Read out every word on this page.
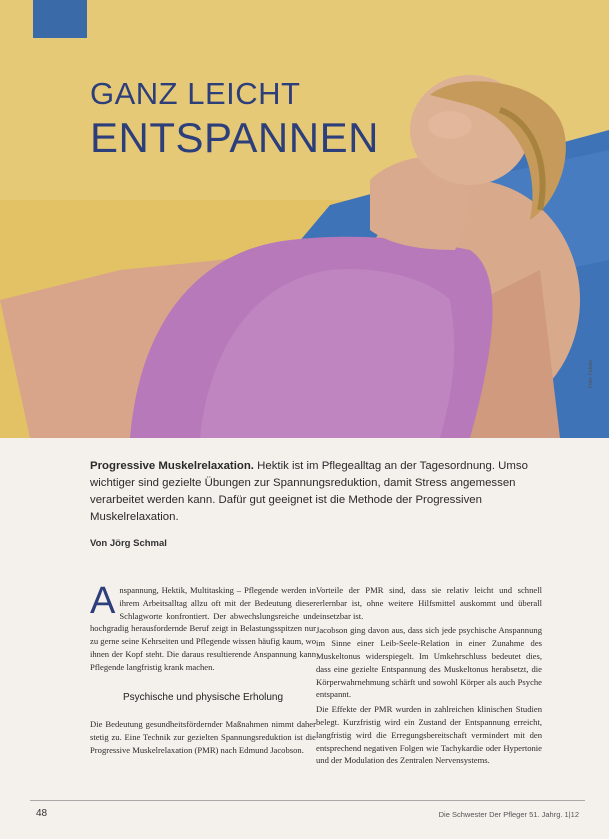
GANZ LEICHT
ENTSPANNEN
Foto: Fotolia

Progressive Muskelrelaxation. Hektik ist im Pflegealltag an der Tagesordnung. Umso wichtiger sind gezielte Übungen zur Spannungsreduktion, damit Stress angemessen verarbeitet werden kann. Dafür gut geeignet ist die Methode der Progressiven Muskelrelaxation.

Von Jörg Schmal

Anspannung, Hektik, Multitasking – Pflegende werden in ihrem Arbeitsalltag allzu oft mit der Bedeutung dieser Schlagworte konfrontiert. Der abwechslungsreiche und hochgradig herausfordernde Beruf zeigt in Belastungsspitzen nur zu gerne seine Kehrseiten und Pflegende wissen häufig kaum, wo ihnen der Kopf steht. Die daraus resultierende Anspannung kann Pflegende langfristig krank machen.

Psychische und physische Erholung

Die Bedeutung gesundheitsfördernder Maßnahmen nimmt daher stetig zu. Eine Technik zur gezielten Spannungsreduktion ist die Progressive Muskelrelaxation (PMR) nach Edmund Jacobson.

Vorteile der PMR sind, dass sie relativ leicht und schnell erlernbar ist, ohne weitere Hilfsmittel auskommt und überall einsetzbar ist.

Jacobson ging davon aus, dass sich jede psychische Anspannung im Sinne einer Leib-Seele-Relation in einer Zunahme des Muskeltonus widerspiegelt. Im Umkehrschluss bedeutet dies, dass eine gezielte Entspannung des Muskeltonus herabsetzt, die Körperwahrnehmung schärft und sowohl Körper als auch Psyche entspannt.

Die Effekte der PMR wurden in zahlreichen klinischen Studien belegt. Kurzfristig wird ein Zustand der Entspannung erreicht, langfristig wird die Erregungsbereitschaft vermindert mit den entsprechend negativen Folgen wie Tachykardie oder Hypertonie und der Modulation des Zentralen Nervensystems.

48	Die Schwester Der Pfleger 51. Jahrg. 1|12
